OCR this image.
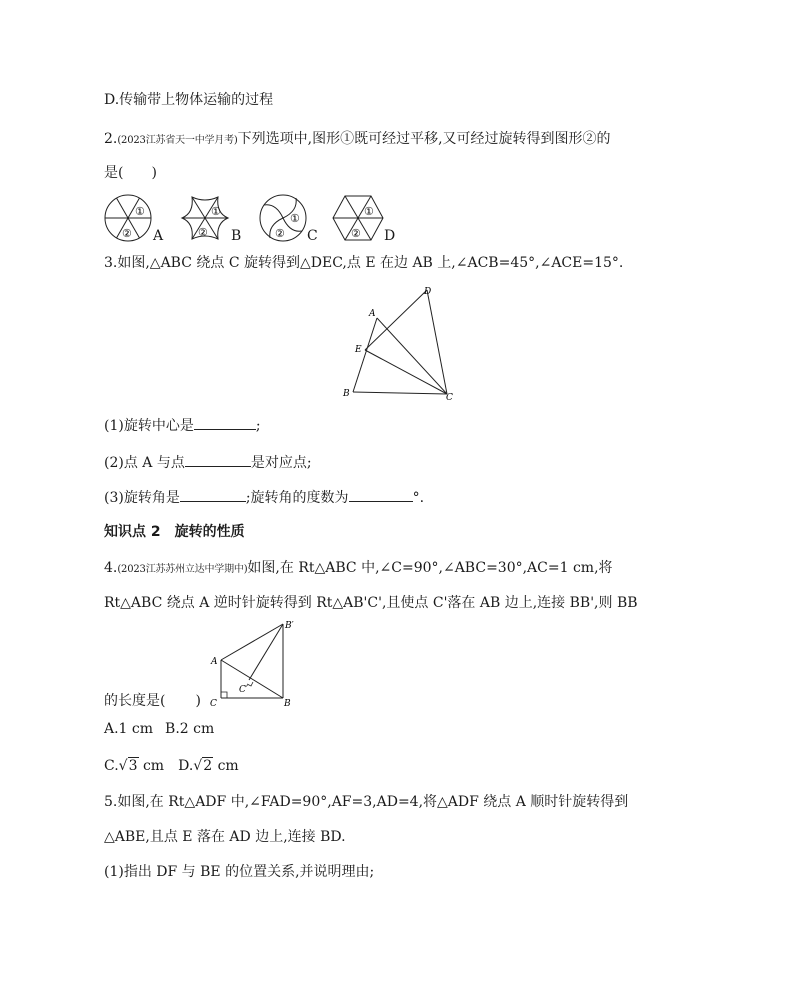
D.传输带上物体运输的过程
2.(2023江苏省天一中学月考)下列选项中,图形①既可经过平移,又可经过旋转得到图形②的
是(　　)
①
② A
①
② B
①
② C
①
② D
3.如图,△ABC 绕点 C 旋转得到△DEC,点 E 在边 AB 上,∠ACB=45°,∠ACE=15°.
A
B	C
D
E
(1)旋转中心是	;
(2)点 A 与点	是对应点;
(3)旋转角是	;旋转角的度数为	°.
知识点 2　旋转的性质
4.(2023江苏苏州立达中学期中)如图,在 Rt△ABC 中,∠C=90°,∠ABC=30°,AC=1 cm,将
Rt△ABC 绕点 A 逆时针旋转得到 Rt△AB'C',且使点 C'落在 AB 边上,连接 BB',则 BB
A
C	B
B′
C′
的长度是( )
A.1 cm B.2 cm
C.√3 cm D.√2 cm
5.如图,在 Rt△ADF 中,∠FAD=90°,AF=3,AD=4,将△ADF 绕点 A 顺时针旋转得到
△ABE,且点 E 落在 AD 边上,连接 BD.
(1)指出 DF 与 BE 的位置关系,并说明理由;
